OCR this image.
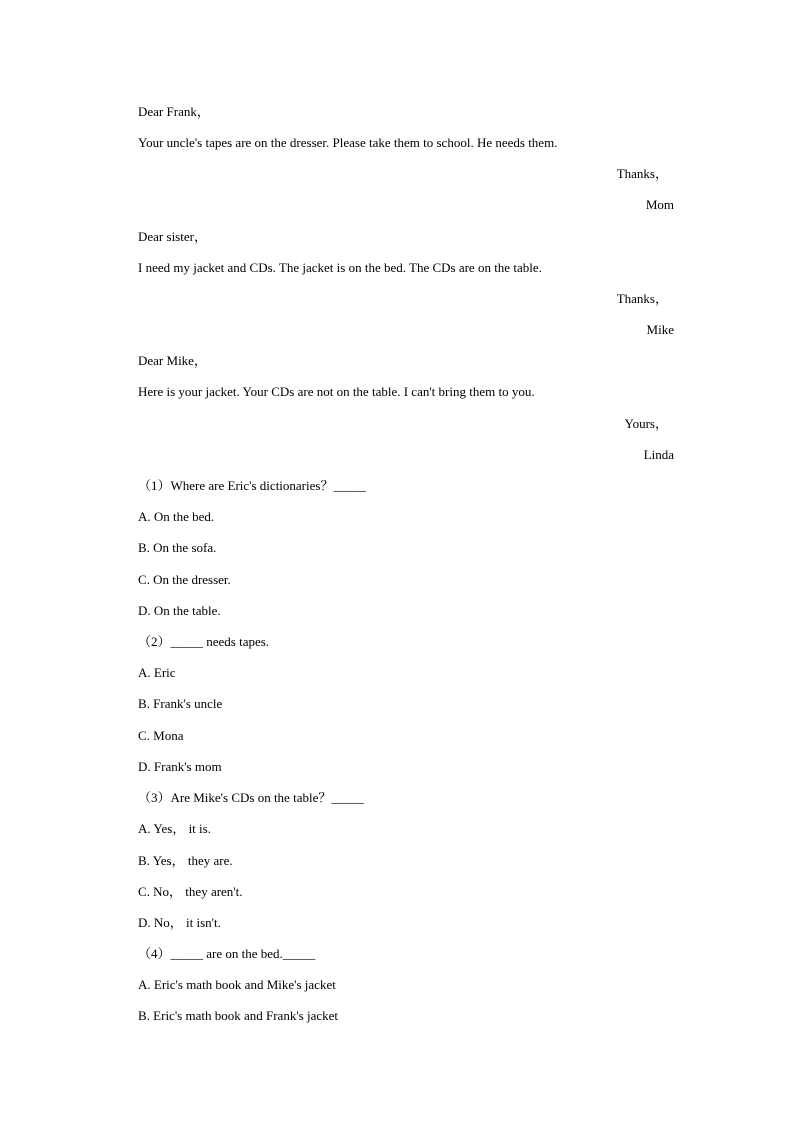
Dear Frank，
Your uncle's tapes are on the dresser. Please take them to school. He needs them.
Thanks，
Mom
Dear sister，
I need my jacket and CDs. The jacket is on the bed. The CDs are on the table.
Thanks，
Mike
Dear Mike，
Here is your jacket. Your CDs are not on the table. I can't bring them to you.
Yours，
Linda
（1）Where are Eric's dictionaries？_____
A. On the bed.
B. On the sofa.
C. On the dresser.
D. On the table.
（2）_____ needs tapes.
A. Eric
B. Frank's uncle
C. Mona
D. Frank's mom
（3）Are Mike's CDs on the table？_____
A. Yes， it is.
B. Yes， they are.
C. No， they aren't.
D. No， it isn't.
（4）_____ are on the bed._____
A. Eric's math book and Mike's jacket
B. Eric's math book and Frank's jacket
